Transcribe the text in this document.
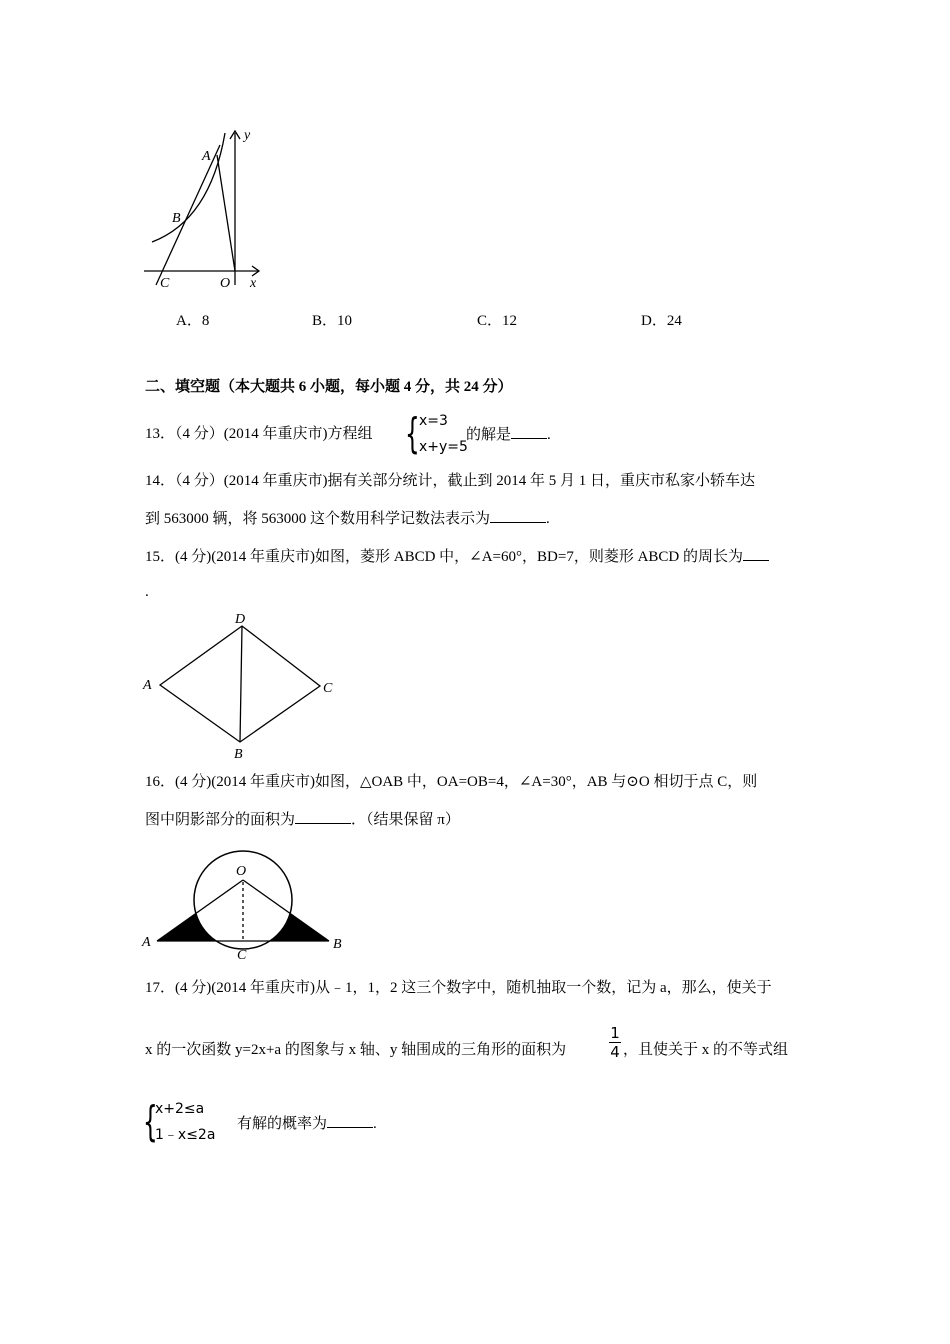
A
B
C	O x
y
A．8	B．10	C．12	D．24
二、填空题（本大题共 6 小题，每小题 4 分，共 24 分）
13．（4 分）(2014 年重庆市)方程组 { x=3
x+y=5
的解是 .
14．（4 分）(2014 年重庆市)据有关部分统计，截止到 2014 年 5 月 1 日，重庆市私家小轿车达
到 563000 辆，将 563000 这个数用科学记数法表示为	.
15．(4 分)(2014 年重庆市)如图，菱形 ABCD 中，∠A=60°，BD=7，则菱形 ABCD 的周长为
.
A
B
C
D
16．(4 分)(2014 年重庆市)如图，△OAB 中，OA=OB=4，∠A=30°，AB 与⊙O 相切于点 C，则
图中阴影部分的面积为	．（结果保留 π）
O
A	B
C
17．(4 分)(2014 年重庆市)从﹣1，1，2 这三个数字中，随机抽取一个数，记为 a，那么，使关于
x 的一次函数 y=2x+a 的图象与 x 轴、y 轴围成的三角形的面积为
1
4 ，且使关于 x 的不等式组
{
x+2≤a
1﹣x≤2a
有解的概率为	.
